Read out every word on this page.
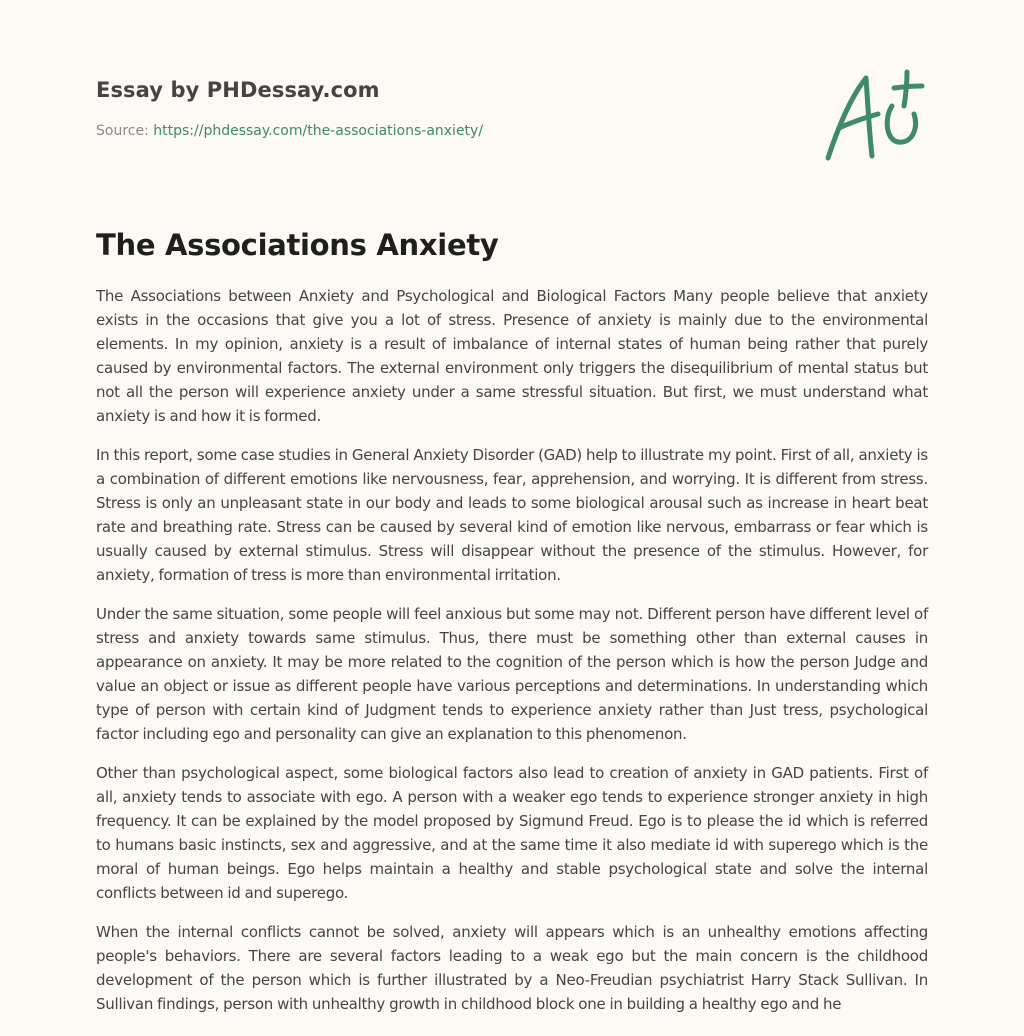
Essay by PHDessay.com
Source: https://phdessay.com/the-associations-anxiety/
The Associations Anxiety

The Associations between Anxiety and Psychological and Biological Factors Many people believe that anxiety exists in the occasions that give you a lot of stress. Presence of anxiety is mainly due to the environmental elements. In my opinion, anxiety is a result of imbalance of internal states of human being rather that purely caused by environmental factors. The external environment only triggers the disequilibrium of mental status but not all the person will experience anxiety under a same stressful situation. But first, we must understand what anxiety is and how it is formed.

In this report, some case studies in General Anxiety Disorder (GAD) help to illustrate my point. First of all, anxiety is a combination of different emotions like nervousness, fear, apprehension, and worrying. It is different from stress. Stress is only an unpleasant state in our body and leads to some biological arousal such as increase in heart beat rate and breathing rate. Stress can be caused by several kind of emotion like nervous, embarrass or fear which is usually caused by external stimulus. Stress will disappear without the presence of the stimulus. However, for anxiety, formation of tress is more than environmental irritation.

Under the same situation, some people will feel anxious but some may not. Different person have different level of stress and anxiety towards same stimulus. Thus, there must be something other than external causes in appearance on anxiety. It may be more related to the cognition of the person which is how the person Judge and value an object or issue as different people have various perceptions and determinations. In understanding which type of person with certain kind of Judgment tends to experience anxiety rather than Just tress, psychological factor including ego and personality can give an explanation to this phenomenon.

Other than psychological aspect, some biological factors also lead to creation of anxiety in GAD patients. First of all, anxiety tends to associate with ego. A person with a weaker ego tends to experience stronger anxiety in high frequency. It can be explained by the model proposed by Sigmund Freud. Ego is to please the id which is referred to humans basic instincts, sex and aggressive, and at the same time it also mediate id with superego which is the moral of human beings. Ego helps maintain a healthy and stable psychological state and solve the internal conflicts between id and superego.

When the internal conflicts cannot be solved, anxiety will appears which is an unhealthy emotions affecting people's behaviors. There are several factors leading to a weak ego but the main concern is the childhood development of the person which is further illustrated by a Neo-Freudian psychiatrist Harry Stack Sullivan. In Sullivan findings, person with unhealthy growth in childhood block one in building a healthy ego and he
